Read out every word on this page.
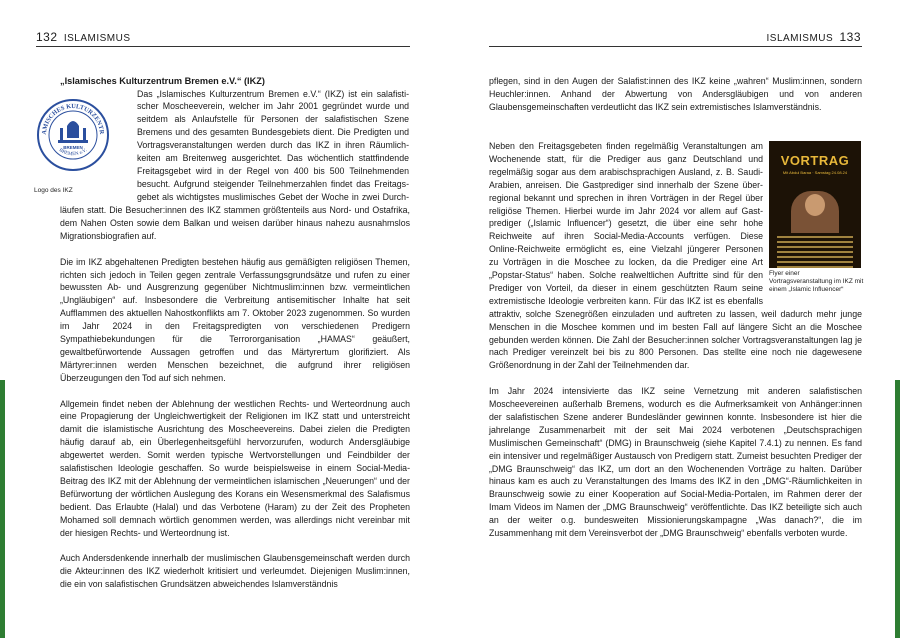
132 ISLAMISMUS	ISLAMISMUS 133
AMISCHES KULTURZENTR
BREMEN e.V.
BREMEN
Logo des IKZ
„Islamisches Kulturzentrum Bremen e.V.“ (IKZ)
Das „Islamisches Kulturzentrum Bremen e.V.“ (IKZ) ist ein salafisti-
scher Moscheeverein, welcher im Jahr 2001 gegründet wurde und
seitdem als Anlaufstelle für Personen der salafistischen Szene
Bremens und des gesamten Bundesgebiets dient. Die Predigten und
Vortragsveranstaltungen werden durch das IKZ in ihren Räumlich-
keiten am Breitenweg ausgerichtet. Das wöchentlich stattfindende
Freitagsgebet wird in der Regel von 400 bis 500 Teilnehmenden
besucht. Aufgrund steigender Teilnehmerzahlen findet das Freitags-
gebet als wichtigstes muslimisches Gebet der Woche in zwei Durch-

läufen statt. Die Besucher:innen des IKZ stammen größtenteils aus Nord- und Ostafrika, dem Nahen Osten sowie dem Balkan und weisen darüber hinaus nahezu ausnahmslos Migrationsbiografien auf.

Die im IKZ abgehaltenen Predigten bestehen häufig aus gemäßigten religiösen Themen, richten sich jedoch in Teilen gegen zentrale Verfassungsgrundsätze und rufen zu einer bewussten Ab- und Ausgrenzung gegenüber Nichtmuslim:innen bzw. vermeintlichen „Ungläubigen“ auf. Insbesondere die Verbreitung antisemitischer Inhalte hat seit Aufflammen des aktuellen Nahostkonflikts am 7. Oktober 2023 zugenommen. So wurden im Jahr 2024 in den Freitagspredigten von verschiedenen Predigern Sympathiebekundungen für die Terrororganisation „HAMAS“ geäußert, gewaltbefürwortende Aussagen getroffen und das Märtyrertum glorifiziert. Als Märtyrer:innen werden Menschen bezeichnet, die aufgrund ihrer religiösen Überzeugungen den Tod auf sich nehmen.

Allgemein findet neben der Ablehnung der westlichen Rechts- und Werteordnung auch eine Propagierung der Ungleichwertigkeit der Religionen im IKZ statt und unterstreicht damit die islamistische Ausrichtung des Moscheevereins. Dabei zielen die Predigten häufig darauf ab, ein Überlegenheitsgefühl hervorzurufen, wodurch Andersgläubige abgewertet werden. Somit werden typische Wertvorstellungen und Feindbilder der salafistischen Ideologie geschaffen. So wurde beispielsweise in einem Social-Media-Beitrag des IKZ mit der Ablehnung der vermeintlichen islamischen „Neuerungen“ und der Befürwortung der wörtlichen Auslegung des Korans ein Wesensmerkmal des Salafismus bedient. Das Erlaubte (Halal) und das Verbotene (Haram) zu der Zeit des Propheten Mohamed soll demnach wörtlich genommen werden, was allerdings nicht vereinbar mit der hiesigen Rechts- und Werteordnung ist.

Auch Andersdenkende innerhalb der muslimischen Glaubensgemeinschaft werden durch die Akteur:innen des IKZ wiederholt kritisiert und verleumdet. Diejenigen Muslim:innen, die ein von salafistischen Grundsätzen abweichendes Islamverständnis

pflegen, sind in den Augen der Salafist:innen des IKZ keine „wahren“ Muslim:innen, sondern Heuchler:innen. Anhand der Abwertung von Andersgläubigen und von anderen Glaubensgemeinschaften verdeutlicht das IKZ sein extremistisches Islamverständnis.

Neben den Freitagsgebeten finden regelmäßig Veranstaltungen am
Wochenende statt, für die Prediger aus ganz Deutschland und
regelmäßig sogar aus dem arabischsprachigen Ausland, z. B. Saudi-
Arabien, anreisen. Die Gastprediger sind innerhalb der Szene über-
regional bekannt und sprechen in ihren Vorträgen in der Regel über
religiöse Themen. Hierbei wurde im Jahr 2024 vor allem auf Gast-
prediger („Islamic Influencer“) gesetzt, die über eine sehr hohe
Reichweite auf ihren Social-Media-Accounts verfügen. Diese
Online-Reichweite ermöglicht es, eine Vielzahl jüngerer Personen
zu Vorträgen in die Moschee zu locken, da die Prediger eine Art
„Popstar-Status“ haben. Solche realweltlichen Auftritte sind für den
Prediger von Vorteil, da dieser in einem geschützten Raum seine
extremistische Ideologie verbreiten kann. Für das IKZ ist es ebenfalls

attraktiv, solche Szenegrößen einzuladen und auftreten zu lassen, weil dadurch mehr junge Menschen in die Moschee kommen und im besten Fall auf längere Sicht an die Moschee gebunden werden können. Die Zahl der Besucher:innen solcher Vortragsveranstaltungen lag je nach Prediger vereinzelt bei bis zu 800 Personen. Das stellte eine noch nie dagewesene Größenordnung in der Zahl der Teilnehmenden dar.

Im Jahr 2024 intensivierte das IKZ seine Vernetzung mit anderen salafistischen Moscheevereinen außerhalb Bremens, wodurch es die Aufmerksamkeit von Anhänger:innen der salafistischen Szene anderer Bundesländer gewinnen konnte. Insbesondere ist hier die jahrelange Zusammenarbeit mit der seit Mai 2024 verbotenen „Deutschsprachigen Muslimischen Gemeinschaft“ (DMG) in Braunschweig (siehe Kapitel 7.4.1) zu nennen. Es fand ein intensiver und regelmäßiger Austausch von Predigern statt. Zumeist besuchten Prediger der „DMG Braunschweig“ das IKZ, um dort an den Wochenenden Vorträge zu halten. Darüber hinaus kam es auch zu Veranstaltungen des Imams des IKZ in den „DMG“-Räumlichkeiten in Braunschweig sowie zu einer Kooperation auf Social-Media-Portalen, im Rahmen derer der Imam Videos im Namen der „DMG Braunschweig“ veröffentlichte. Das IKZ beteiligte sich auch an der weiter o.g. bundesweiten Missionierungskampagne „Was danach?“, die im Zusammenhang mit dem Vereinsverbot der „DMG Braunschweig“ ebenfalls verboten wurde.

VORTRAG
Mit Abdul Baraa · Samstag 24.08.24
Flyer einer Vortragsveranstaltung im IKZ mit einem „Islamic Influencer“
